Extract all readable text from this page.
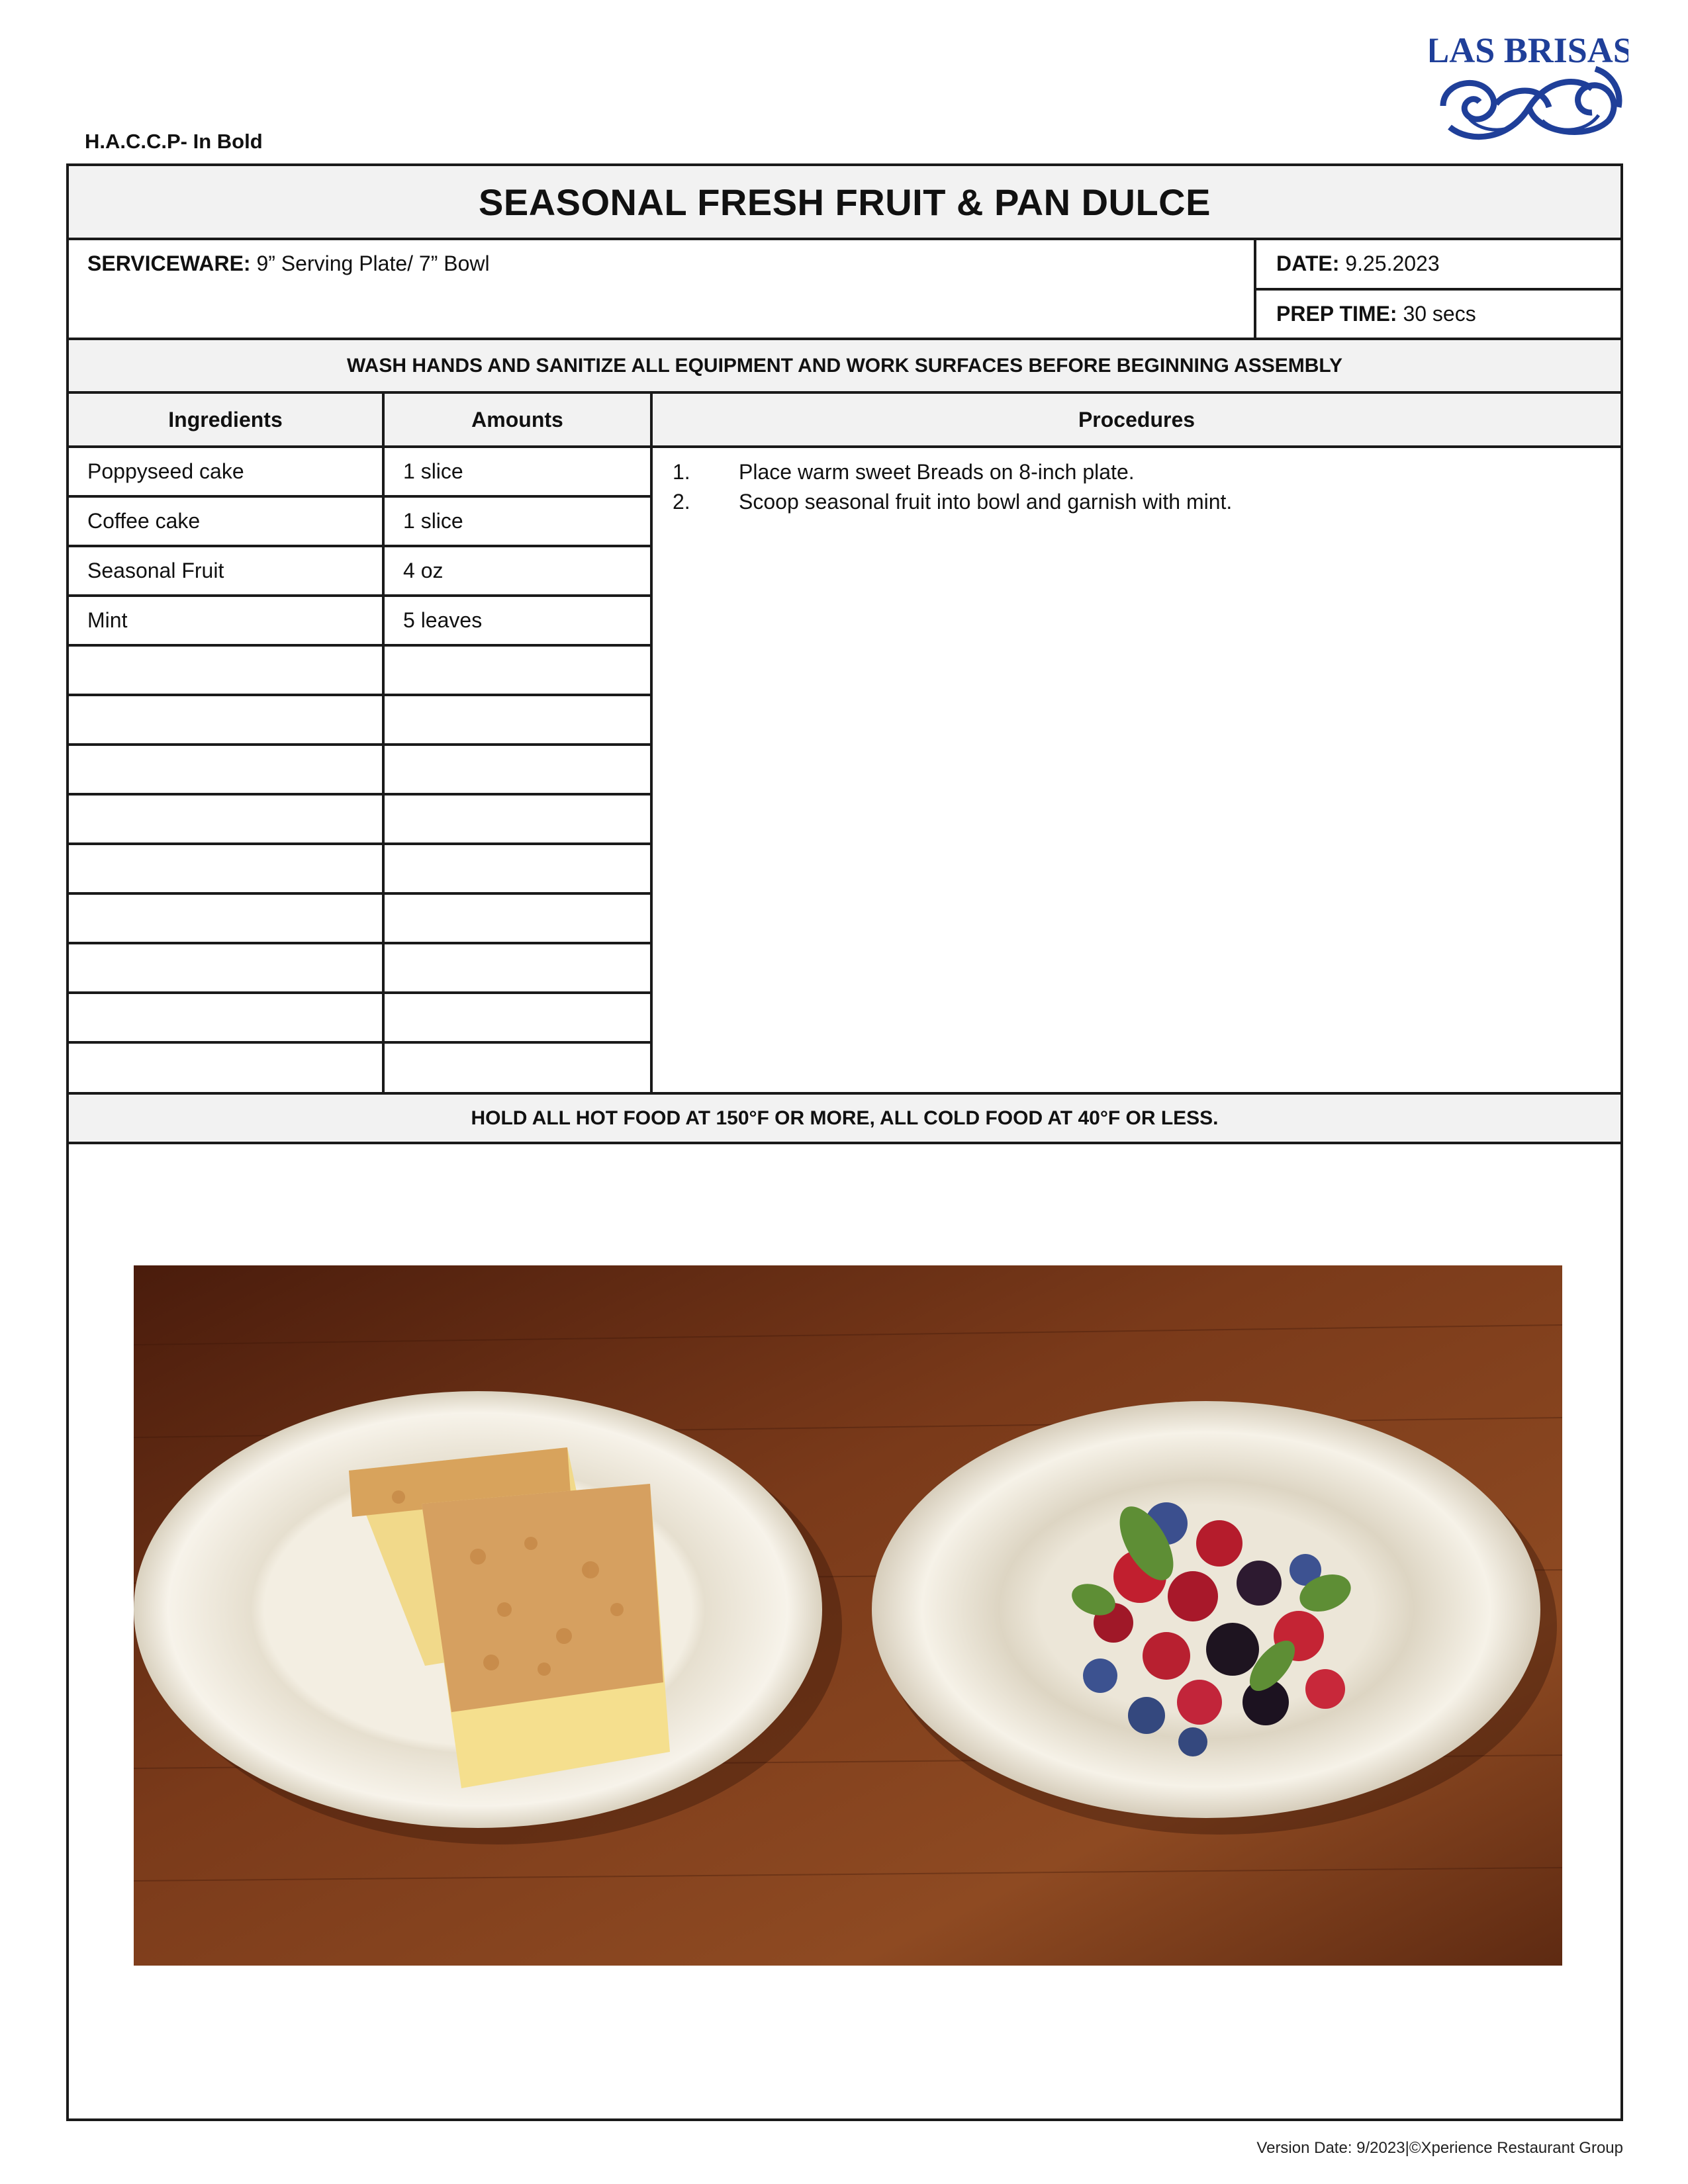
H.A.C.C.P- In Bold
LAS BRISAS
SEASONAL FRESH FRUIT & PAN DULCE
SERVICEWARE: 9” Serving Plate/ 7” Bowl	DATE: 9.25.2023
PREP TIME: 30 secs
WASH HANDS AND SANITIZE ALL EQUIPMENT AND WORK SURFACES BEFORE BEGINNING ASSEMBLY
Ingredients	Amounts	Procedures
Poppyseed cake	1 slice
Coffee cake	1 slice
Seasonal Fruit	4 oz
Mint	5 leaves
1.	Place warm sweet Breads on 8-inch plate.
2.	Scoop seasonal fruit into bowl and garnish with mint.
HOLD ALL HOT FOOD AT 150°F OR MORE, ALL COLD FOOD AT 40°F OR LESS.
Version Date: 9/2023|©Xperience Restaurant Group
